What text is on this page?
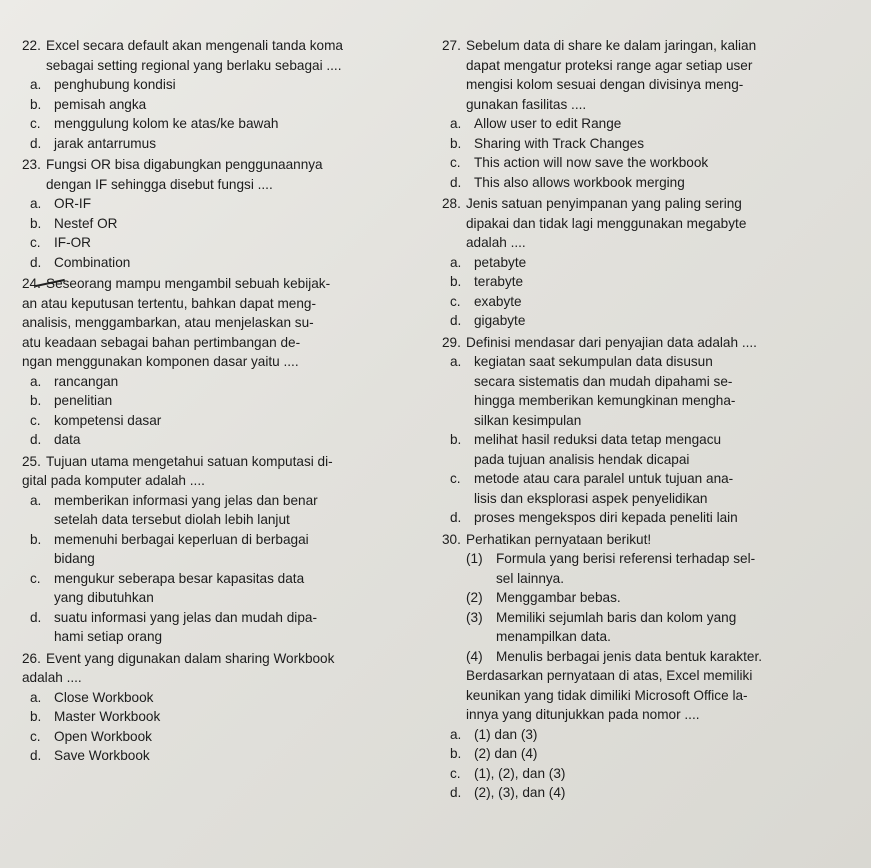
22. Excel secara default akan mengenali tanda koma
sebagai setting regional yang berlaku sebagai ....
a. penghubung kondisi
b. pemisah angka
c. menggulung kolom ke atas/ke bawah
d. jarak antarrumus
23. Fungsi OR bisa digabungkan penggunaannya
dengan IF sehingga disebut fungsi ....
a. OR-IF
b. Nestef OR
c. IF-OR
d. Combination
24. Seseorang mampu mengambil sebuah kebijak-
an atau keputusan tertentu, bahkan dapat meng-
analisis, menggambarkan, atau menjelaskan su-
atu keadaan sebagai bahan pertimbangan de-
ngan menggunakan komponen dasar yaitu ....
a. rancangan
b. penelitian
c. kompetensi dasar
d. data
25. Tujuan utama mengetahui satuan komputasi di-
gital pada komputer adalah ....
a. memberikan informasi yang jelas dan benar
setelah data tersebut diolah lebih lanjut
b. memenuhi berbagai keperluan di berbagai
bidang
c. mengukur seberapa besar kapasitas data
yang dibutuhkan
d. suatu informasi yang jelas dan mudah dipa-
hami setiap orang
26. Event yang digunakan dalam sharing Workbook
adalah ....
a. Close Workbook
b. Master Workbook
c. Open Workbook
d. Save Workbook
27. Sebelum data di share ke dalam jaringan, kalian
dapat mengatur proteksi range agar setiap user
mengisi kolom sesuai dengan divisinya meng-
gunakan fasilitas ....
a. Allow user to edit Range
b. Sharing with Track Changes
c. This action will now save the workbook
d. This also allows workbook merging
28. Jenis satuan penyimpanan yang paling sering
dipakai dan tidak lagi menggunakan megabyte
adalah ....
a. petabyte
b. terabyte
c. exabyte
d. gigabyte
29. Definisi mendasar dari penyajian data adalah ....
a. kegiatan saat sekumpulan data disusun
secara sistematis dan mudah dipahami se-
hingga memberikan kemungkinan mengha-
silkan kesimpulan
b. melihat hasil reduksi data tetap mengacu
pada tujuan analisis hendak dicapai
c. metode atau cara paralel untuk tujuan ana-
lisis dan eksplorasi aspek penyelidikan
d. proses mengekspos diri kepada peneliti lain
30. Perhatikan pernyataan berikut!
(1) Formula yang berisi referensi terhadap sel-
sel lainnya.
(2) Menggambar bebas.
(3) Memiliki sejumlah baris dan kolom yang
menampilkan data.
(4) Menulis berbagai jenis data bentuk karakter.
Berdasarkan pernyataan di atas, Excel memiliki
keunikan yang tidak dimiliki Microsoft Office la-
innya yang ditunjukkan pada nomor ....
a. (1) dan (3)
b. (2) dan (4)
c. (1), (2), dan (3)
d. (2), (3), dan (4)
